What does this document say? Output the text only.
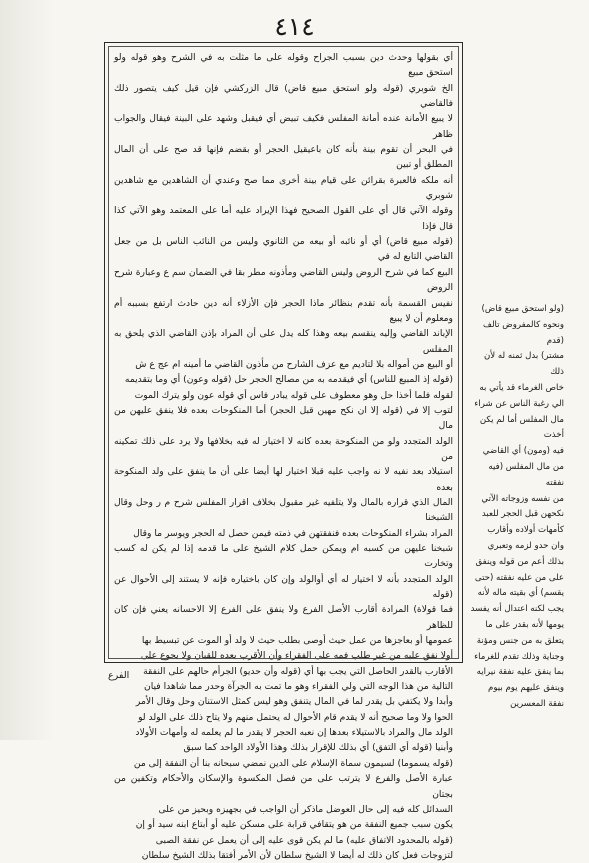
٤١٤
أي بقولها وحدث دين بسبب الجراح وقوله على ما مثلت به في الشرح وهو قوله ولو استحق مبيع
الخ شوبري (قوله ولو استحق مبيع قاض) قال الزركشي فإن قيل كيف يتصور ذلك فالقاضي
لا يبيع الأمانة عنده أمانة المفلس فكيف تبيض أي فيقبل وشهد على البينة فيقال والجواب ظاهر
في البحر أن تقوم بينة بأنه كان باعيقيل الحجر أو بقضم فإنها قد صح على أن المال المطلق أو تبين
أنه ملكه فالعبرة بقرائن على قيام بينة أخرى مما صح وعندي أن الشاهدين مع شاهدين شوبري
وقوله الآتي قال أي على القول الصحيح فهذا الإيراد عليه أما على المعتمد وهو الآتي كذا قال فإذا
(قوله مبيع قاض) أي أو نائبه أو بيعه من الثانوي وليس من النائب الناس بل من جعل القاضي التابع له في
البيع كما في شرح الروض وليس القاضي ومأذونه مطر بقا في الضمان سم ع وعبارة شرح الروض
نفيس القسمة بأنه تقدم بنظائر ماذا الحجر فإن الأزلاء أنه دين حادث ارتفع بسببه أم ومعلوم أن لا يبيع
الإباند القاضي وإليه ينقسم بيعه وهذا كله يدل على أن المراد بإذن القاضي الذي يلحق به المفلس
أو البيع من أمواله بلا لتاديم مع عزف الشارح من مأذون القاضي ما أمينه ام عج ع ش
(قوله إذ المبيع للناس) أي فيقدمه به من مصالح الحجر حل (قوله وعون) أي وما بتقديمه
لقوله فلما أخذا حل وهو معطوف على قوله يبادر فاس أي قوله عون ولو يترك الموت
لتوب إلا في (قوله إلا ان نكح مهين قبل الحجر) أما المنكوحات بعده فلا ينفق عليهن من مال
الولد المتجدد ولو من المنكوحة بعده كانه لا اختيار له فيه بخلافها ولا يرد على ذلك تمكينه من
استيلاد بعد نفيه لا نه واجب عليه قبلا اختيار لها أيضا على أن ما ينفق على ولد المنكوحة بعده
المال الذي قراره بالمال ولا يتلفيه غير مقبول بخلاف اقرار المفلس شرح م ر وحل وقال الشبخنا
المراد بشراء المنكوحات بعده فنفقتهن في ذمته فيمن حصل له الحجر ويوسر ما وقال
شبخنا عليهن من كسبه ام ويمكن حمل كلام الشيخ على ما قدمه إذا لم يكن له كسب وتخارت
الولد المتجدد بأنه لا اختيار له أي أوالولد وإن كان باختياره فإنه لا يستند إلى الأحوال عن (قوله
فما قولاة) المرادة أقارب الأصل الفرع ولا ينفق على الفرع إلا الاحسانه يعني فإن كان للظاهر
عمومها أو بعاجزها من عمل حيث أوصى بطلب حيث لا ولد أو الموت عن تبسيط بها
أولا نفق عليه من غير طلب فمه على الفقراء وأن الأقرب بعده للقبان ولا يجوع على
الأقارب بالقدر الحاصل التي يجب بها أي (قوله وأن حديو) الجرأم حالهم على النفقة
التالية من هذا الوجه التي ولي الفقراء وهو ما تمت به الجرآة وحدر مما شاهدا فيان
وأبدا ولا يكتفي بل يقدر لما في المال يتنفق وهو ليس كمثل الاستنان وحل وقال الأمر
الحوا ولا وما صحيح أنه لا يقدم قام الأحوال له يحتمل منهم ولا يتاح ذلك على الولد لو
الولد مال والمراد بالاستيلاء بعدها إن نعبه الحجر لا يقدر ما لم يعلمه له وأمهات الأولاد
وأبنيا (قوله أي التفق) أي بذلك للإقرار بذلك وهذا الأولاد الواحد كما سبق
(قوله يسموما) لسيمون سماة الإسلام على الدين نمضي سبحانه بنا أن النفقة إلى من
عبارة الأصل والفرع لا يترتب على من فصل المكسوة والإسكان والأحكام وتكفين من بجتان
السدائل كله فيه إلى حال العوضل ماذكر أن الواجب في بجهيزه وبحيز من على
يكون سبب جميع النفقة من هو يتقافي قرابة على مسكن عليه أو أبتاع ابنه سيد أو إن
(قوله بالمحدود الاتفاق عليه) ما لم يكن قوى عليه إلى أن يعمل عن نفقة الصبى
لتزوجات فعل كان ذلك له أيضا لا الشيخ سلطان لأن الأمر أفتقا بذلك الشيخ سلطان
(ولو استحق مبيع قاض)
ونحوه كالمفروض تالف (قدم
مشتر) بدل ثمنه له لأن ذلك
خاص الغرماء قد يأتي به
الي رغبة الناس عن شراء
مال المفلس أما لم يكن أخذت
فيه (ومون) أي القاضي
من مال المفلس (فيه نفقته
من نفسه وزوجاته الآتي
نكحهن قبل الحجر للعبد
كأمهات أولاده وأقارب
وان حدو لزمه وتعبري
بذلك أعم من قوله وينفق
على من عليه نفقته (حتى
يقسم) أي بقيته ماله لأنه
يجب لكنه اعتدال أنه يفسد
يومها لأنه بقدر على ما
يتعلق به من جنس ومؤنة
وجناية وذلك تقدم للغرماء
بما ينفق عليه نفقة نيرايه
وينفق عليهم يوم بيوم
نفقة المعسرين
الفرع
